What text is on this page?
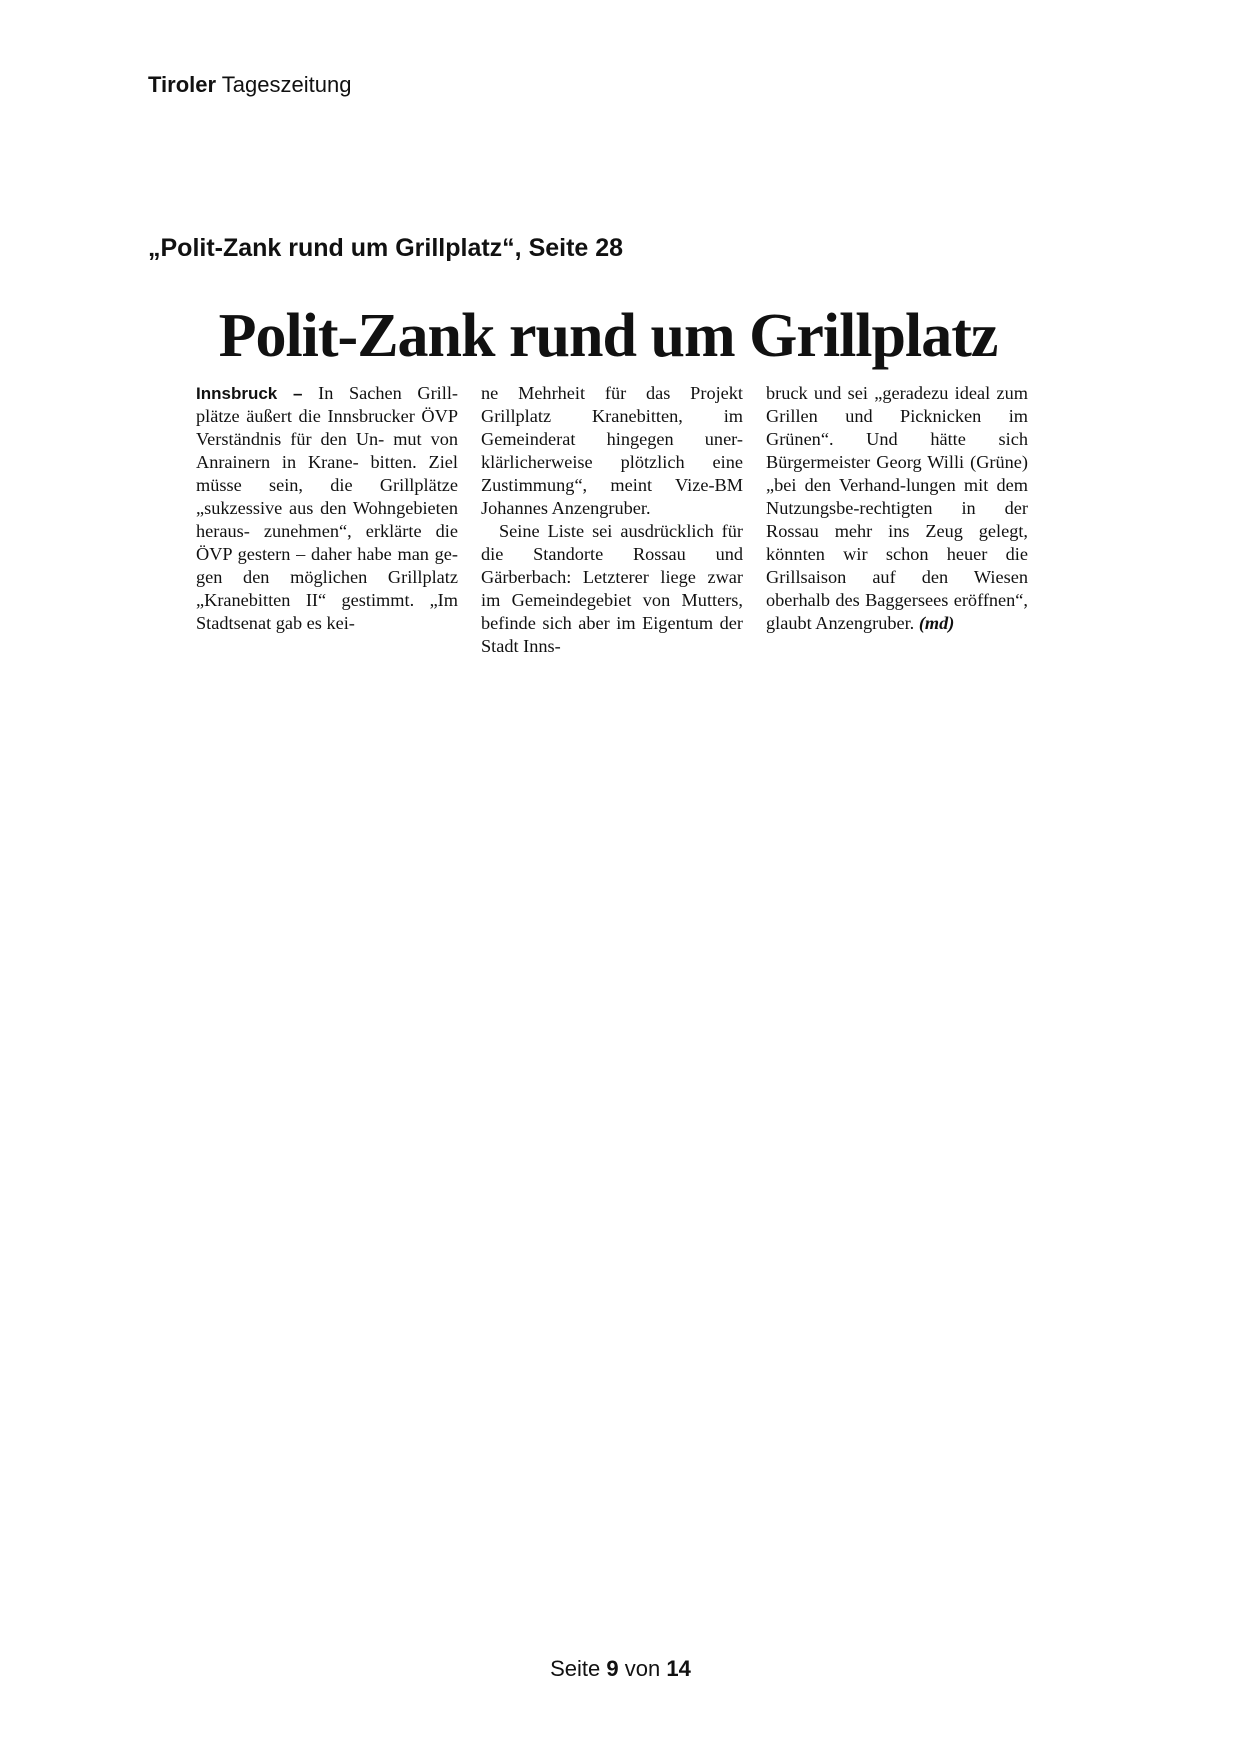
Tiroler Tageszeitung
„Polit-Zank rund um Grillplatz“, Seite 28
Polit-Zank rund um Grillplatz

Innsbruck – In Sachen Grill- plätze äußert die Innsbrucker ÖVP Verständnis für den Un- mut von Anrainern in Krane- bitten. Ziel müsse sein, die Grillplätze „sukzessive aus den Wohngebieten heraus- zunehmen“, erklärte die ÖVP gestern – daher habe man ge- gen den möglichen Grillplatz „Kranebitten II“ gestimmt. „Im Stadtsenat gab es kei-

ne Mehrheit für das Projekt Grillplatz Kranebitten, im Gemeinderat hingegen uner-klärlicherweise plötzlich eine Zustimmung“, meint Vize-BM Johannes Anzengruber.

Seine Liste sei ausdrücklich für die Standorte Rossau und Gärberbach: Letzterer liege zwar im Gemeindegebiet von Mutters, befinde sich aber im Eigentum der Stadt Inns-

bruck und sei „geradezu ideal zum Grillen und Picknicken im Grünen“. Und hätte sich Bürgermeister Georg Willi (Grüne) „bei den Verhand-lungen mit dem Nutzungsbe-rechtigten in der Rossau mehr ins Zeug gelegt, könnten wir schon heuer die Grillsaison auf den Wiesen oberhalb des Baggersees eröffnen“, glaubt Anzengruber. (md)

Seite 9 von 14
